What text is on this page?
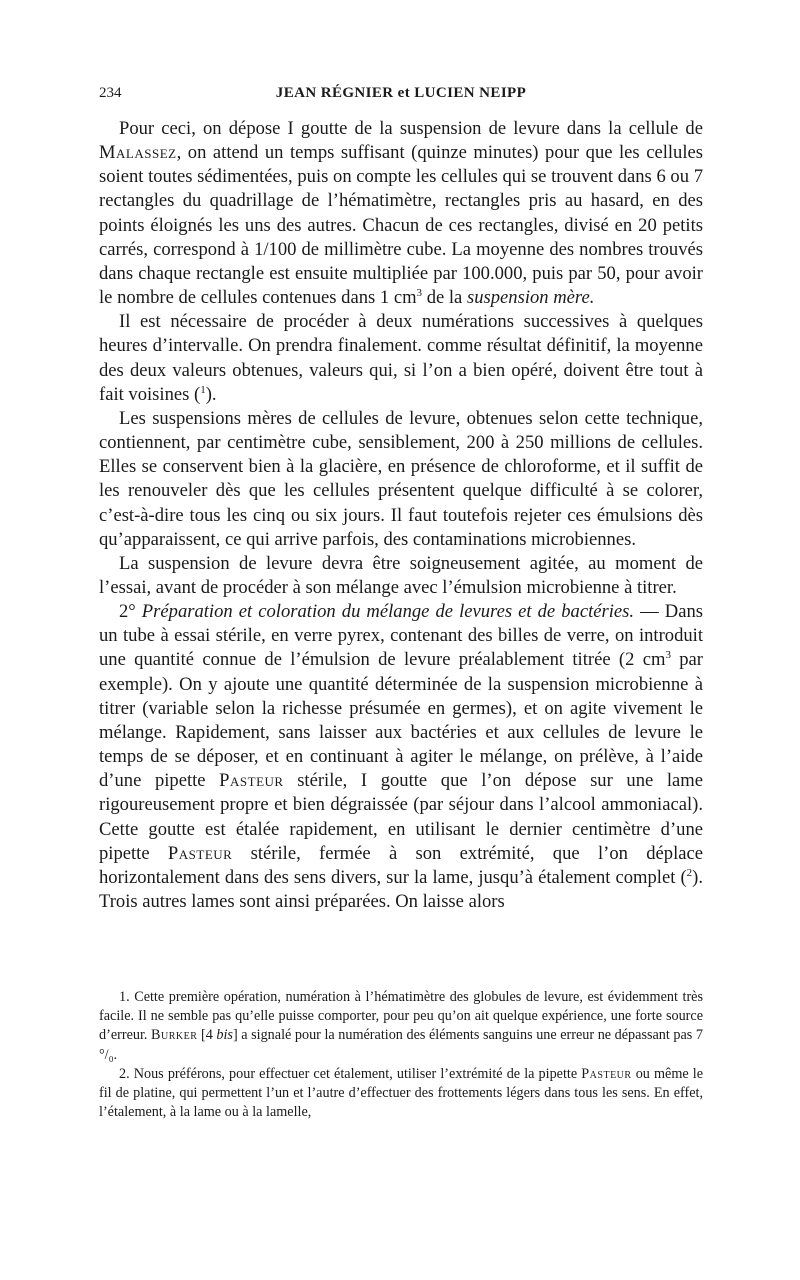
234	JEAN RÉGNIER et LUCIEN NEIPP

Pour ceci, on dépose I goutte de la suspension de levure dans la cellule de Malassez, on attend un temps suffisant (quinze minutes) pour que les cellules soient toutes sédimentées, puis on compte les cellules qui se trouvent dans 6 ou 7 rectangles du quadrillage de l’hématimètre, rectangles pris au hasard, en des points éloignés les uns des autres. Chacun de ces rectangles, divisé en 20 petits carrés, correspond à 1/100 de millimètre cube. La moyenne des nombres trouvés dans chaque rectangle est ensuite multipliée par 100.000, puis par 50, pour avoir le nombre de cellules contenues dans 1 $cm^3$ de la suspension mère.

Il est nécessaire de procéder à deux numérations successives à quelques heures d’intervalle. On prendra finalement. comme résultat définitif, la moyenne des deux valeurs obtenues, valeurs qui, si l’on a bien opéré, doivent être tout à fait voisines ($^1$).

Les suspensions mères de cellules de levure, obtenues selon cette technique, contiennent, par centimètre cube, sensiblement, 200 à 250 millions de cellules. Elles se conservent bien à la glacière, en présence de chloroforme, et il suffit de les renouveler dès que les cellules présentent quelque difficulté à se colorer, c’est-à-dire tous les cinq ou six jours. Il faut toutefois rejeter ces émulsions dès qu’apparaissent, ce qui arrive parfois, des contaminations microbiennes.

La suspension de levure devra être soigneusement agitée, au moment de l’essai, avant de procéder à son mélange avec l’émulsion microbienne à titrer.

2° Préparation et coloration du mélange de levures et de bactéries. — Dans un tube à essai stérile, en verre pyrex, contenant des billes de verre, on introduit une quantité connue de l’émulsion de levure préalablement titrée (2 $cm^3$ par exemple). On y ajoute une quantité déterminée de la suspension microbienne à titrer (variable selon la richesse présumée en germes), et on agite vivement le mélange. Rapidement, sans laisser aux bactéries et aux cellules de levure le temps de se déposer, et en continuant à agiter le mélange, on prélève, à l’aide d’une pipette Pasteur stérile, I goutte que l’on dépose sur une lame rigoureusement propre et bien dégraissée (par séjour dans l’alcool ammoniacal). Cette goutte est étalée rapidement, en utilisant le dernier centimètre d’une pipette Pasteur stérile, fermée à son extrémité, que l’on déplace horizontalement dans des sens divers, sur la lame, jusqu’à étalement complet ($^2$). Trois autres lames sont ainsi préparées. On laisse alors

1. Cette première opération, numération à l’hématimètre des globules de levure, est évidemment très facile. Il ne semble pas qu’elle puisse comporter, pour peu qu’on ait quelque expérience, une forte source d’erreur. Burker [4 bis] a signalé pour la numération des éléments sanguins une erreur ne dépassant pas 7 °/₀.

2. Nous préférons, pour effectuer cet étalement, utiliser l’extrémité de la pipette Pasteur ou même le fil de platine, qui permettent l’un et l’autre d’effectuer des frottements légers dans tous les sens. En effet, l’étalement, à la lame ou à la lamelle,
